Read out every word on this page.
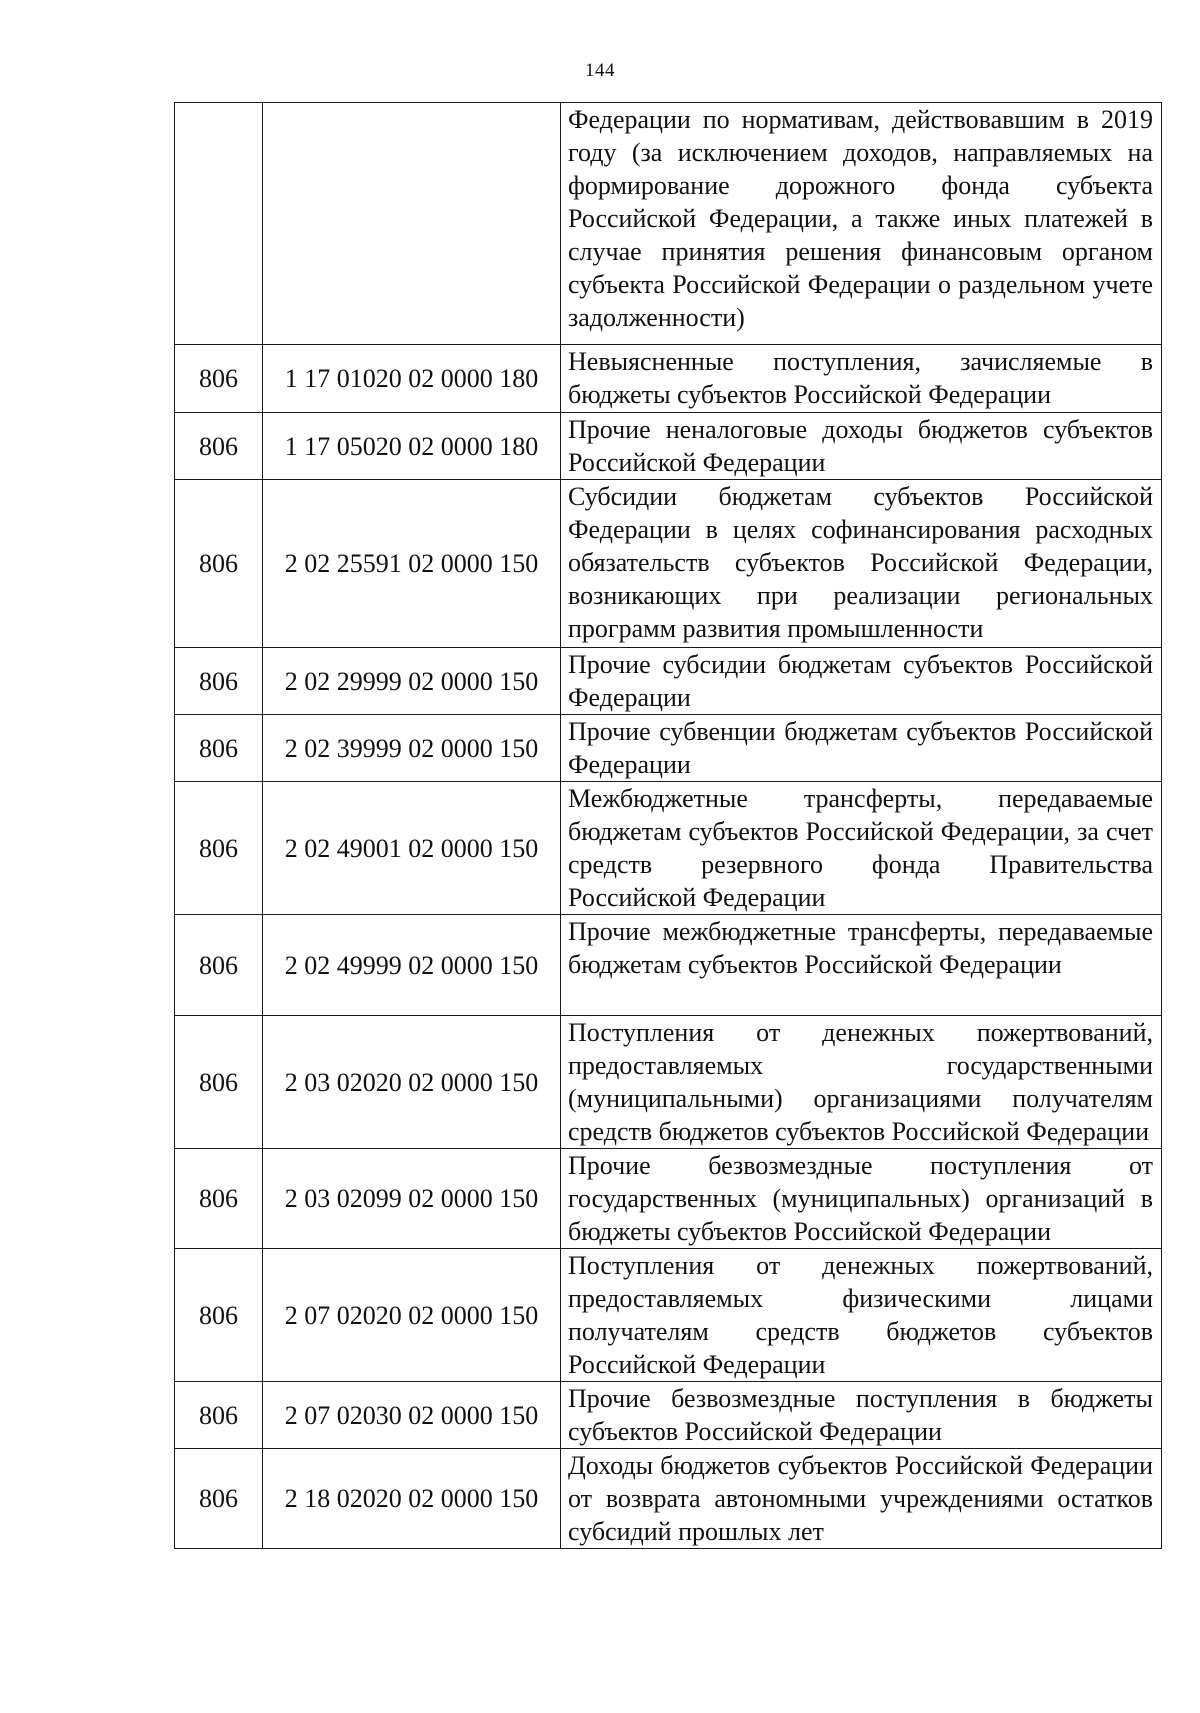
144
		Федерации по нормативам, действовавшим в 2019 году (за исключением доходов, направляемых на формирование дорожного фонда субъекта Российской Федерации, а также иных платежей в случае принятия решения финансовым органом субъекта Российской Федерации о раздельном учете задолженности)
806	1 17 01020 02 0000 180	Невыясненные поступления, зачисляемые в бюджеты субъектов Российской Федерации
806	1 17 05020 02 0000 180	Прочие неналоговые доходы бюджетов субъектов Российской Федерации
806	2 02 25591 02 0000 150	Субсидии бюджетам субъектов Российской Федерации в целях софинансирования расходных обязательств субъектов Российской Федерации, возникающих при реализации региональных программ развития промышленности
806	2 02 29999 02 0000 150	Прочие субсидии бюджетам субъектов Российской Федерации
806	2 02 39999 02 0000 150	Прочие субвенции бюджетам субъектов Российской Федерации
806	2 02 49001 02 0000 150	Межбюджетные трансферты, передаваемые бюджетам субъектов Российской Федерации, за счет средств резервного фонда Правительства Российской Федерации
806	2 02 49999 02 0000 150	Прочие межбюджетные трансферты, передаваемые бюджетам субъектов Российской Федерации
806	2 03 02020 02 0000 150	Поступления от денежных пожертвований, предоставляемых государственными (муниципальными) организациями получателям средств бюджетов субъектов Российской Федерации
806	2 03 02099 02 0000 150	Прочие безвозмездные поступления от государственных (муниципальных) организаций в бюджеты субъектов Российской Федерации
806	2 07 02020 02 0000 150	Поступления от денежных пожертвований, предоставляемых физическими лицами получателям средств бюджетов субъектов Российской Федерации
806	2 07 02030 02 0000 150	Прочие безвозмездные поступления в бюджеты субъектов Российской Федерации
806	2 18 02020 02 0000 150	Доходы бюджетов субъектов Российской Федерации от возврата автономными учреждениями остатков субсидий прошлых лет
